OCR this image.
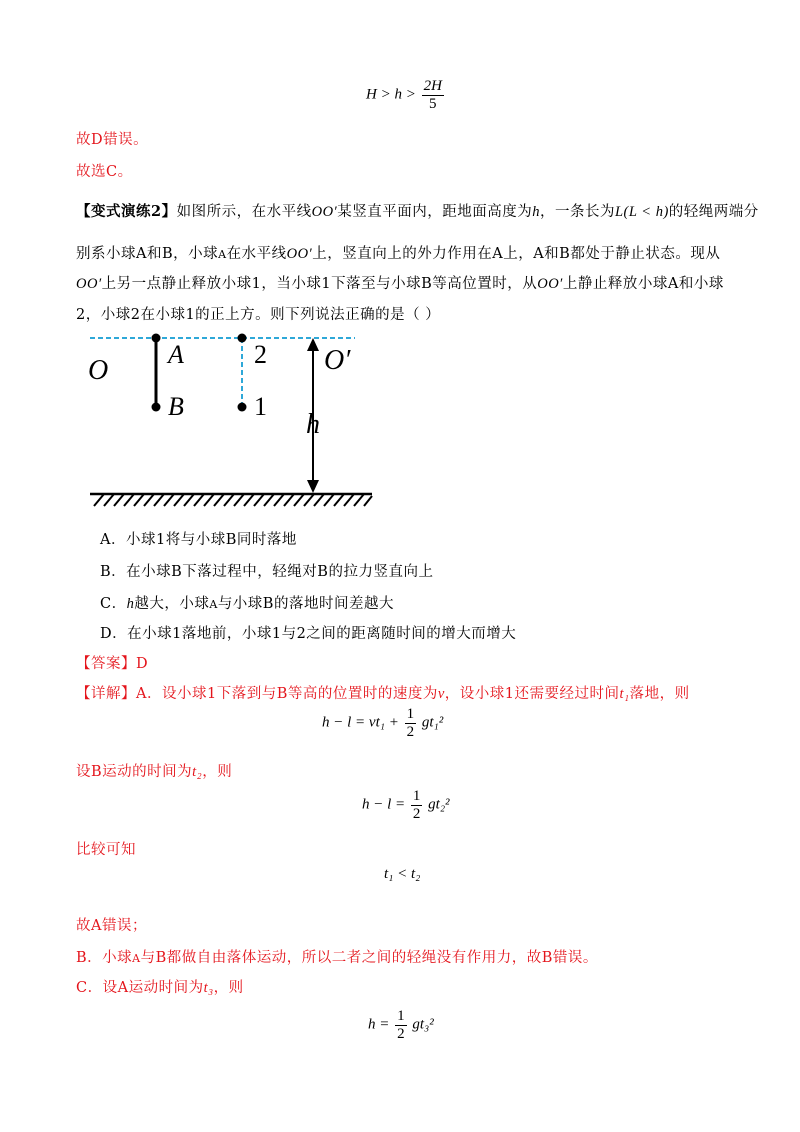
$H > h > \frac{2H}{5}$
故D错误。
故选C。
【变式演练2】如图所示，在水平线OO′某竖直平面内，距地面高度为h，一条长为L(L < h)的轻绳两端分
别系小球A和B，小球A在水平线OO′上，竖直向上的外力作用在A上，A和B都处于静止状态。现从
OO′上另一点静止释放小球1，当小球1下落至与小球B等高位置时，从OO′上静止释放小球A和小球
2，小球2在小球1的正上方。则下列说法正确的是（ ）
O
A	2 O′
B	1
h
A．小球1将与小球B同时落地
B．在小球B下落过程中，轻绳对B的拉力竖直向上
C．h越大，小球A与小球B的落地时间差越大
D．在小球1落地前，小球1与2之间的距离随时间的增大而增大
【答案】D
【详解】A．设小球1下落到与B等高的位置时的速度为v，设小球1还需要经过时间t₁落地，则
$h - l = vt_1 + \frac{1}{2} gt_1^2$
设B运动的时间为t₂，则
$h - l = \frac{1}{2} gt_2^2$
比较可知
t₁ < t₂
故A错误；
B．小球A与B都做自由落体运动，所以二者之间的轻绳没有作用力，故B错误。
C．设A运动时间为t₃，则
$h = \frac{1}{2} gt_3^2$
